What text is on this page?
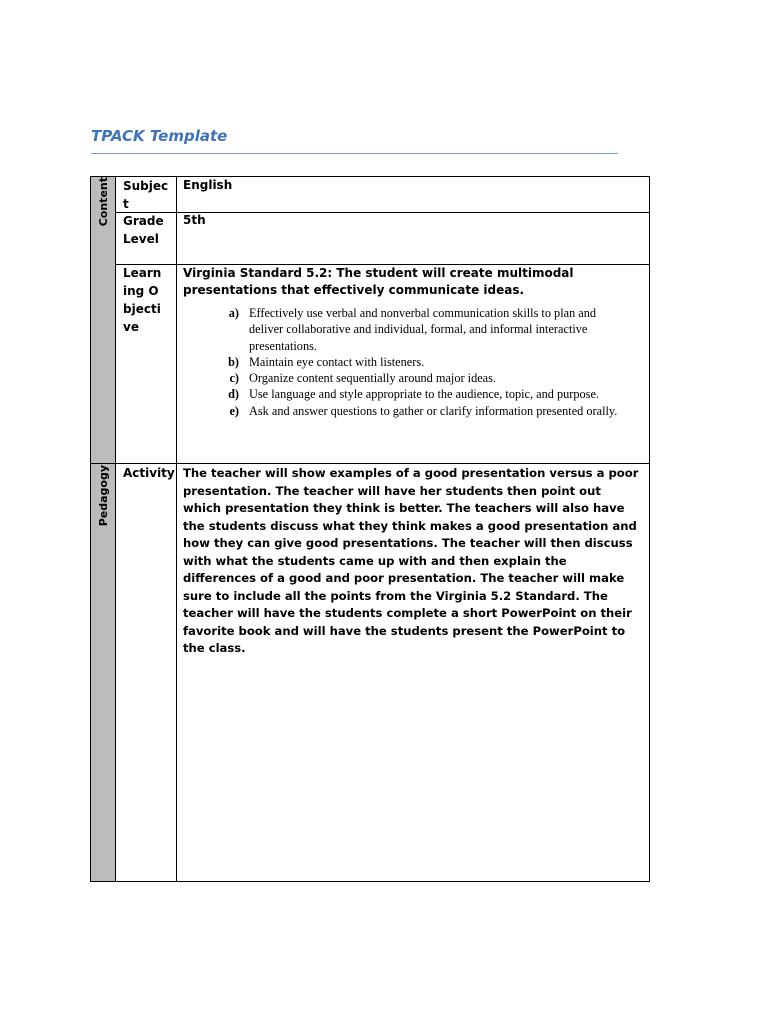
TPACK Template
Content
Pedagogy
Subject
English
Grade Level
5th
Learning Objective
Virginia Standard 5.2: The student will create multimodal presentations that effectively communicate ideas.
a) Effectively use verbal and nonverbal communication skills to plan and deliver collaborative and individual, formal, and informal interactive presentations.
b) Maintain eye contact with listeners.
c) Organize content sequentially around major ideas.
d) Use language and style appropriate to the audience, topic, and purpose.
e) Ask and answer questions to gather or clarify information presented orally.
Activity The teacher will show examples of a good presentation versus a poor presentation. The teacher will have her students then point out which presentation they think is better. The teachers will also have the students discuss what they think makes a good presentation and how they can give good presentations. The teacher will then discuss with what the students came up with and then explain the differences of a good and poor presentation. The teacher will make sure to include all the points from the Virginia 5.2 Standard. The teacher will have the students complete a short PowerPoint on their favorite book and will have the students present the PowerPoint to the class.
